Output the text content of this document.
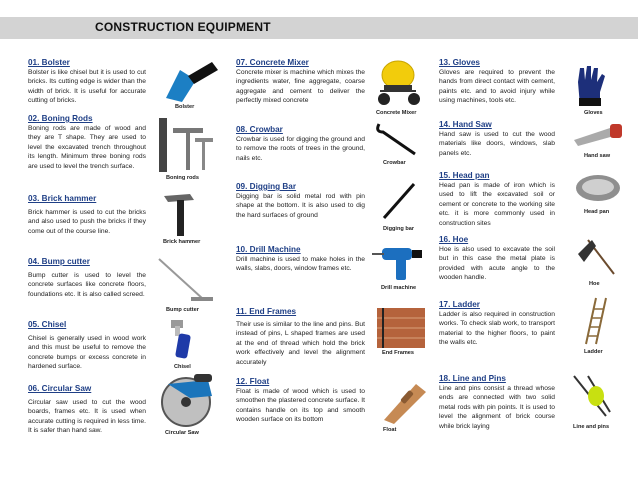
CONSTRUCTION EQUIPMENT
01. Bolster
Bolster is like chisel but it is used to cut bricks. Its cutting edge is wider than the width of brick. It is useful for accurate cutting of bricks.
02. Boning Rods
Boning rods are made of wood and they are T shape. They are used to level the excavated trench throughout its length. Minimum three boning rods are used to level the trench surface.
03. Brick hammer
Brick hammer is used to cut the bricks and also used to push the bricks if they come out of the course line.
04. Bump cutter
Bump cutter is used to level the concrete surfaces like concrete floors, foundations etc. It is also called screed.
05. Chisel
Chisel is generally used in wood work and this must be useful to remove the concrete bumps or excess concrete in hardened surface.
06. Circular Saw
Circular saw used to cut the wood boards, frames etc. It is used when accurate cutting is required in less time. It is safer than hand saw.
Bolster
Boning rods
Brick hammer
Bump cutter
Chisel
Circular Saw
07. Concrete Mixer
Concrete mixer is machine which mixes the ingredients water, fine aggregate, coarse aggregate and cement to deliver the perfectly mixed concrete
08. Crowbar
Crowbar is used for digging the ground and to remove the roots of trees in the ground, nails etc.
09. Digging Bar
Digging bar is solid metal rod with pin shape at the bottom. It is also used to dig the hard surfaces of ground
10. Drill Machine
Drill machine is used to make holes in the walls, slabs, doors, window frames etc.
11. End Frames
Their use is similar to the line and pins. But instead of pins, L shaped frames are used at the end of thread which hold the brick work effectively and level the alignment accurately
12. Float
Float is made of wood which is used to smoothen the plastered concrete surface. It contains handle on its top and smooth wooden surface on its bottom
Concrete Mixer
Crowbar
Digging bar
Drill machine
End Frames
Float
13. Gloves
Gloves are required to prevent the hands from direct contact with cement, paints etc. and to avoid injury while using machines, tools etc.
14. Hand Saw
Hand saw is used to cut the wood materials like doors, windows, slab panels etc.
15. Head pan
Head pan is made of iron which is used to lift the excavated soil or cement or concrete to the working site etc. it is more commonly used in construction sites
16. Hoe
Hoe is also used to excavate the soil but in this case the metal plate is provided with acute angle to the wooden handle.
17. Ladder
Ladder is also required in construction works. To check slab work, to transport material to the higher floors, to paint the walls etc.
18. Line and Pins
Line and pins consist a thread whose ends are connected with two solid metal rods with pin points. It is used to level the alignment of brick course while brick laying
Gloves
Hand saw
Head pan
Hoe
Ladder
Line and pins
